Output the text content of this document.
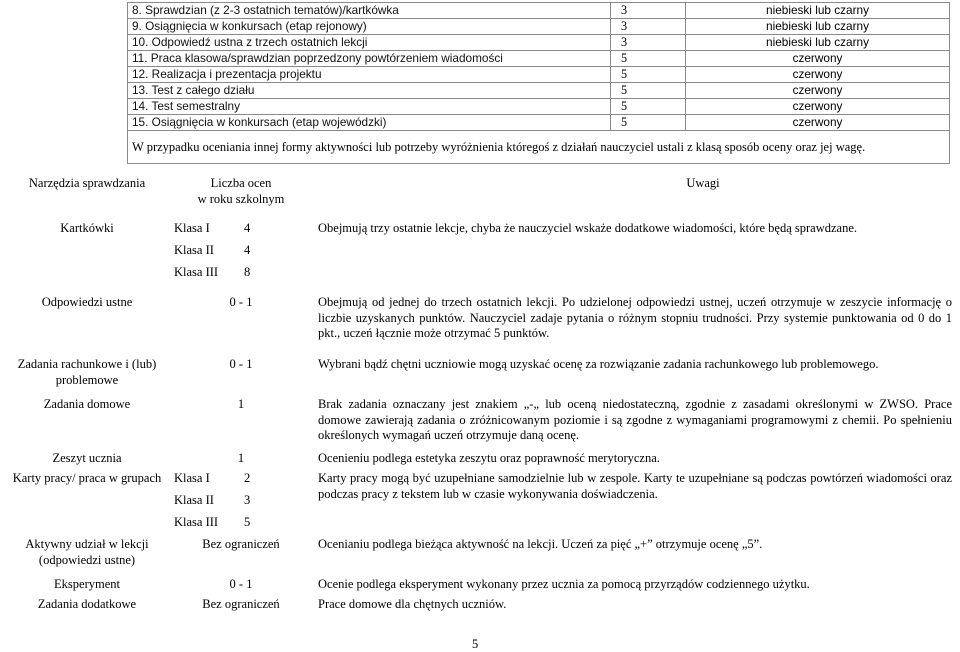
8. Sprawdzian (z 2-3 ostatnich tematów)/kartkówka	3	niebieski lub czarny
9. Osiągnięcia w konkursach (etap rejonowy)	3	niebieski lub czarny
10. Odpowiedź ustna z trzech ostatnich lekcji	3	niebieski lub czarny
11. Praca klasowa/sprawdzian poprzedzony powtórzeniem wiadomości	5	czerwony
12. Realizacja i prezentacja projektu	5	czerwony
13. Test z całego działu	5	czerwony
14. Test semestralny	5	czerwony
15. Osiągnięcia w konkursach (etap wojewódzki)	5	czerwony
W przypadku oceniania innej formy aktywności lub potrzeby wyróżnienia któregoś z działań nauczyciel ustali z klasą sposób oceny oraz jej wagę.		
Narzędzia sprawdzania	Liczba ocen
w roku szkolnym		Uwagi

Kartkówki	Klasa I	4	Obejmują trzy ostatnie lekcje, chyba że nauczyciel wskaże dodatkowe wiadomości, które będą sprawdzane.
	Klasa II	4	
	Klasa III	8	
Odpowiedzi ustne	0 - 1		Obejmują od jednej do trzech ostatnich lekcji. Po udzielonej odpowiedzi ustnej, uczeń otrzymuje w zeszycie informację o liczbie uzyskanych punktów. Nauczyciel zadaje pytania o różnym stopniu trudności. Przy systemie punktowania od 0 do 1 pkt., uczeń łącznie może otrzymać 5 punktów.

Zadania rachunkowe i (lub)
problemowe	0 - 1		Wybrani bądź chętni uczniowie mogą uzyskać ocenę za rozwiązanie zadania rachunkowego lub problemowego.
Zadania domowe	1		Brak zadania oznaczany jest znakiem „-„ lub oceną niedostateczną, zgodnie z zasadami określonymi w ZWSO. Prace domowe zawierają zadania o zróżnicowanym poziomie i są zgodne z wymaganiami programowymi z chemii. Po spełnieniu określonych wymagań uczeń otrzymuje daną ocenę.
Zeszyt ucznia	1		Ocenieniu podlega estetyka zeszytu oraz poprawność merytoryczna.
Karty pracy/ praca w grupach	Klasa I	2	Karty pracy mogą być uzupełniane samodzielnie lub w zespole. Karty te uzupełniane są podczas powtórzeń wiadomości oraz podczas pracy z tekstem lub w czasie wykonywania doświadczenia.
	Klasa II	3	
	Klasa III	5	

Aktywny udział w lekcji
(odpowiedzi ustne)	Bez ograniczeń		Ocenianiu podlega bieżąca aktywność na lekcji. Uczeń za pięć „+” otrzymuje ocenę „5”.
Eksperyment	0 - 1		Ocenie podlega eksperyment wykonany przez ucznia za pomocą przyrządów codziennego użytku.
Zadania dodatkowe	Bez ograniczeń		Prace domowe dla chętnych uczniów.
5
